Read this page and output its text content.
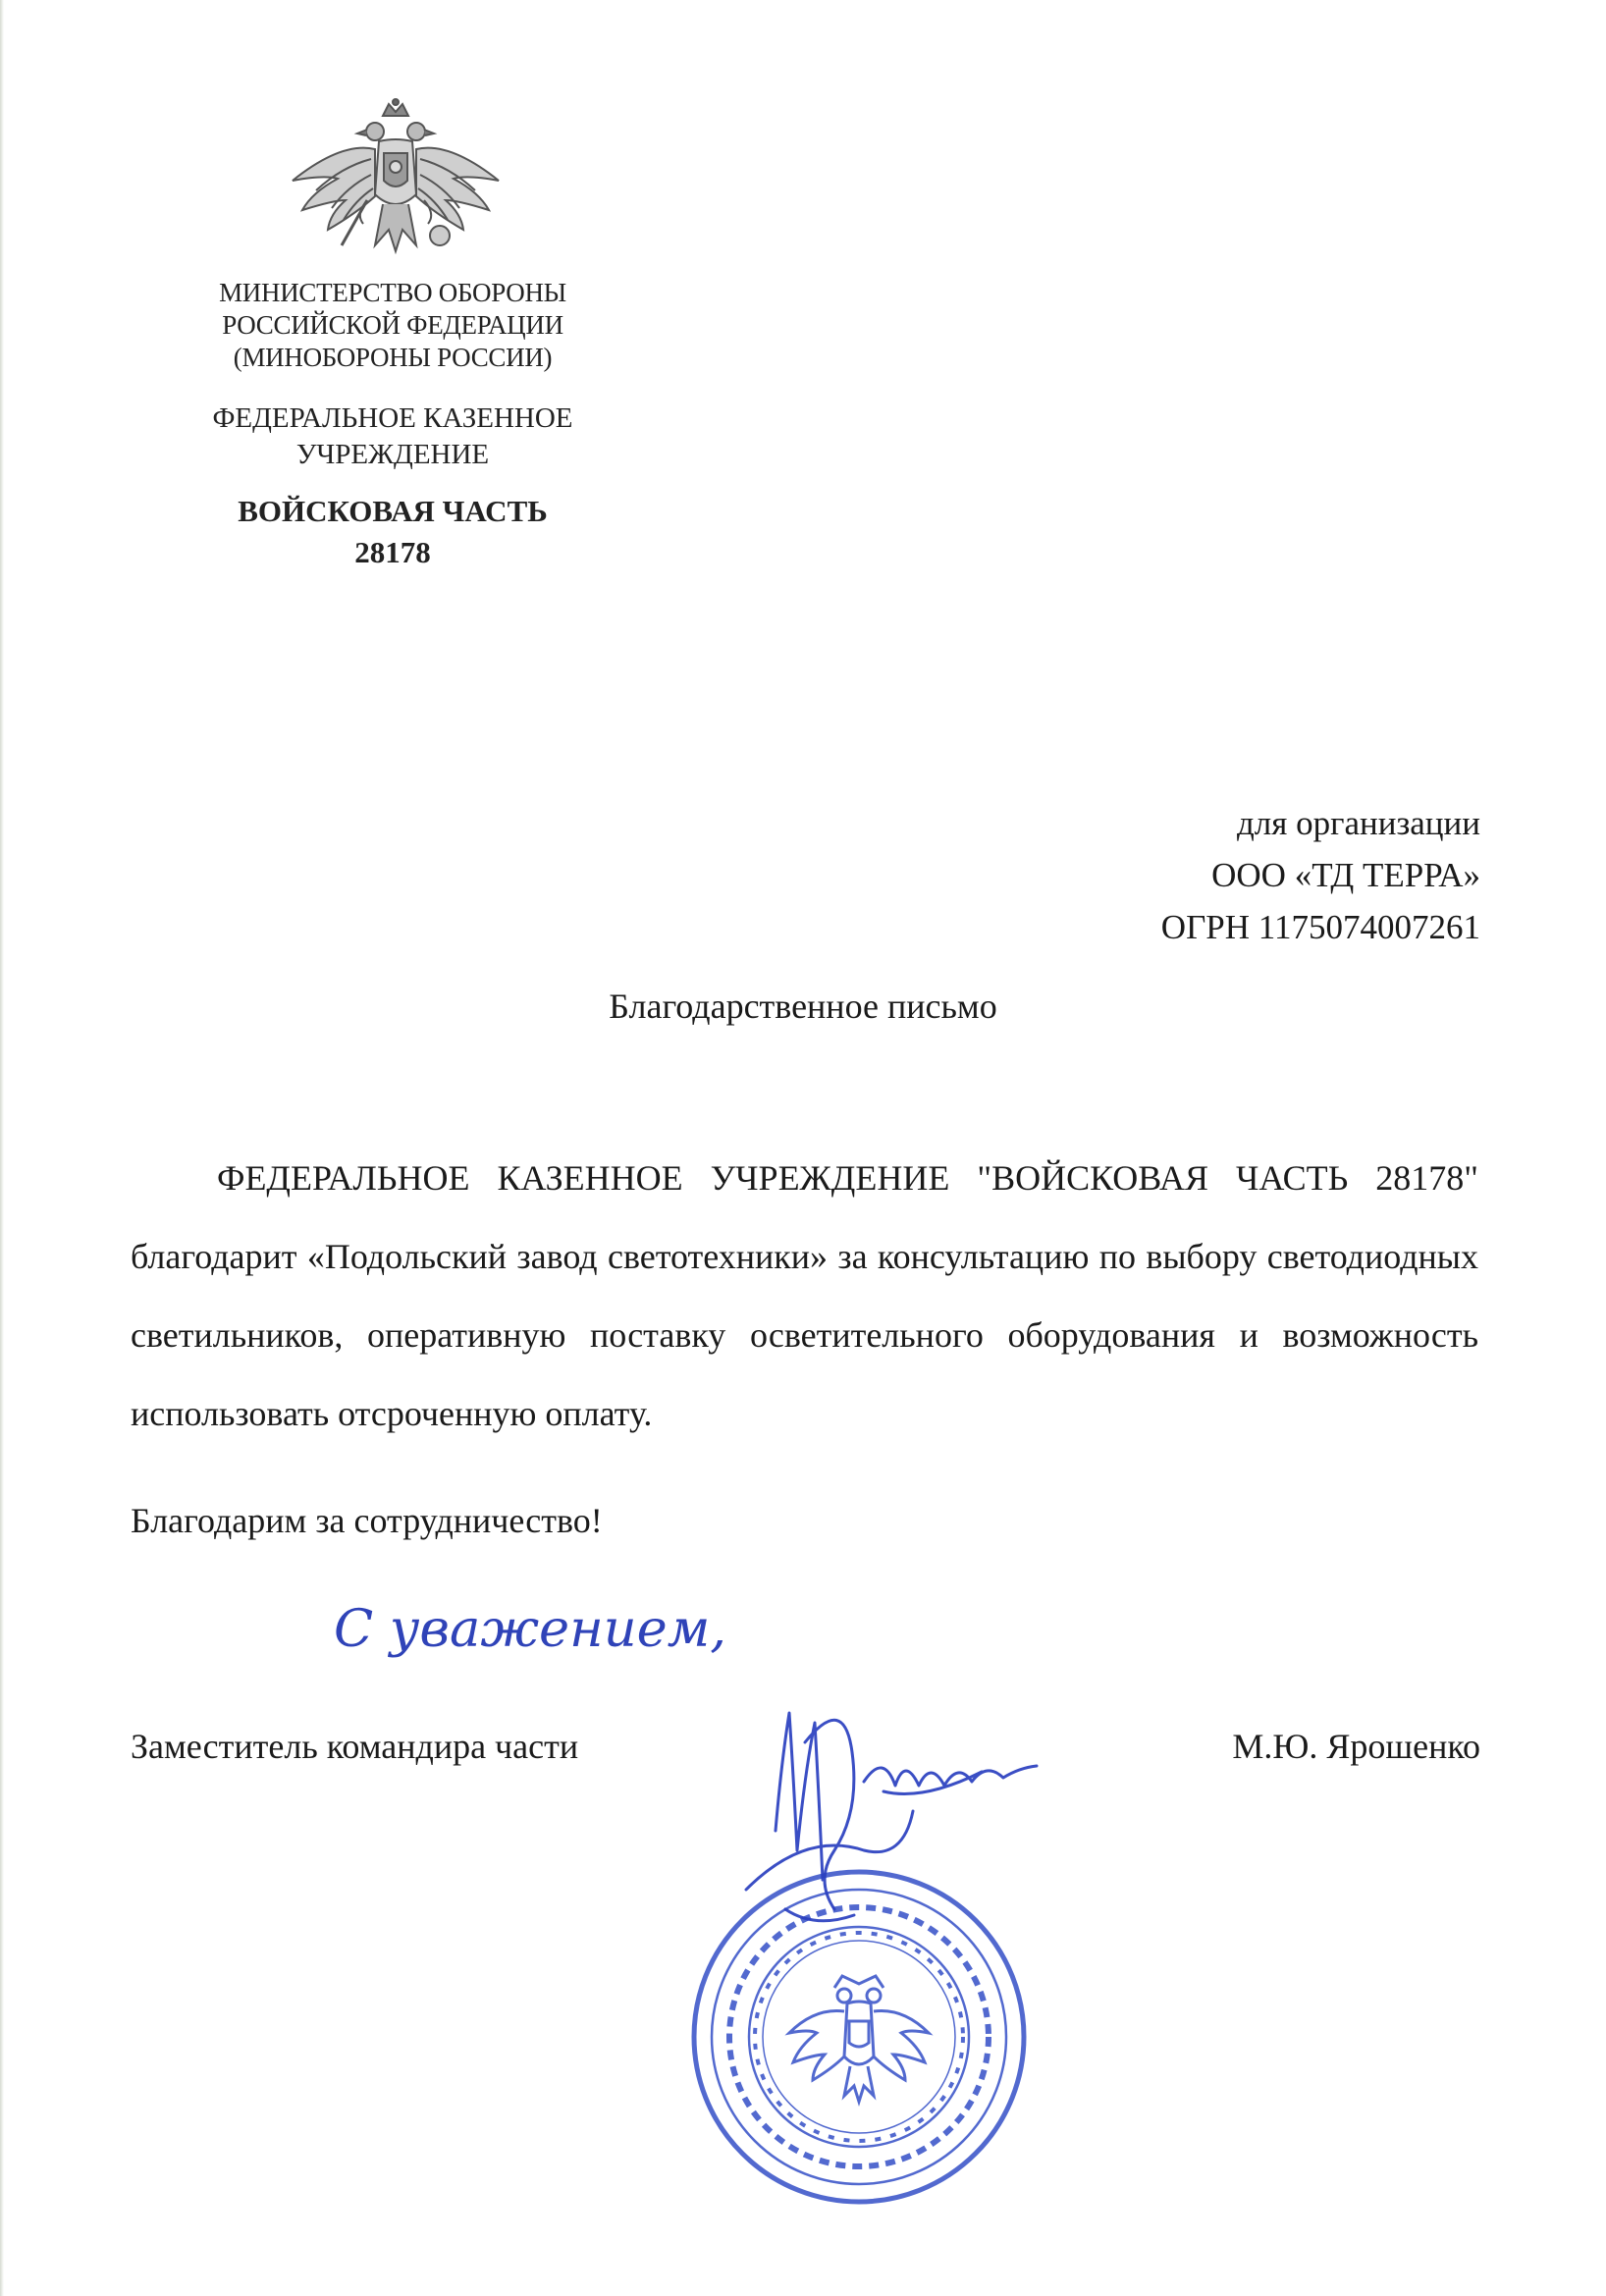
МИНИСТЕРСТВО ОБОРОНЫ
РОССИЙСКОЙ ФЕДЕРАЦИИ
(МИНОБОРОНЫ РОССИИ)
ФЕДЕРАЛЬНОЕ КАЗЕННОЕ
УЧРЕЖДЕНИЕ
ВОЙСКОВАЯ ЧАСТЬ
28178
для организации
ООО «ТД ТЕРРА»
ОГРН 1175074007261
Благодарственное письмо
ФЕДЕРАЛЬНОЕ КАЗЕННОЕ УЧРЕЖДЕНИЕ "ВОЙСКОВАЯ ЧАСТЬ 28178"
благодарит «Подольский завод светотехники» за консультацию по выбору светодиодных светильников, оперативную поставку осветительного оборудования и возможность использовать отсроченную оплату.
Благодарим за сотрудничество!
С уважением,
Заместитель командира части	М.Ю. Ярошенко
